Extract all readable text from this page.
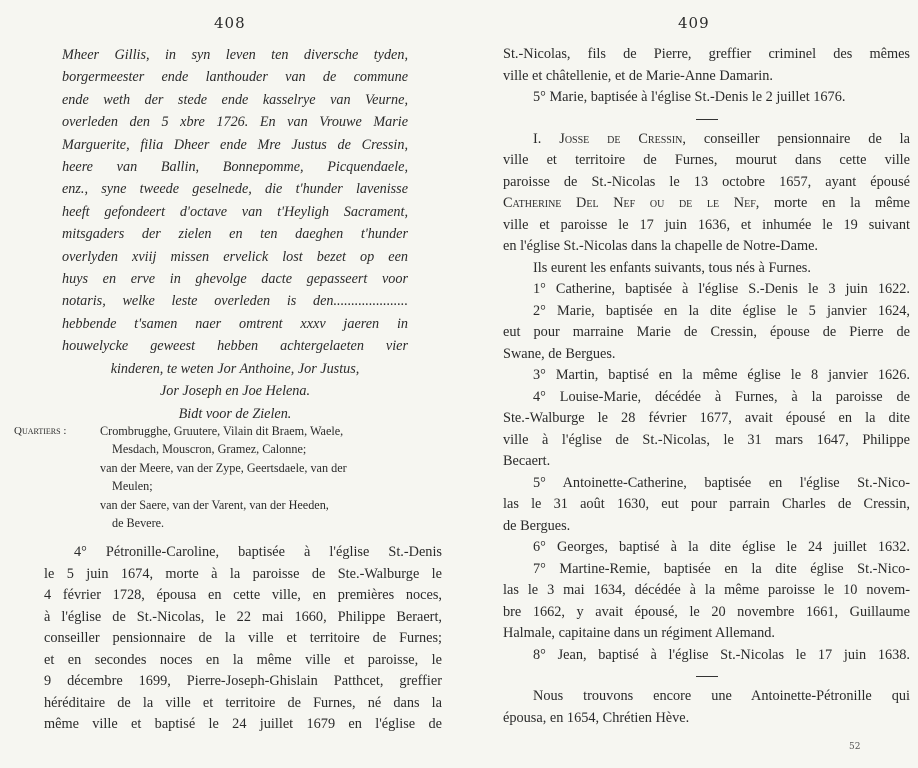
408
Mheer Gillis, in syn leven ten diversche tyden,
borgermeester ende lanthouder van de commune
ende weth der stede ende kasselrye van Veurne,
overleden den 5 xbre 1726. En van Vrouwe Marie
Marguerite, filia Dheer ende Mre Justus de Cressin,
heere van Ballin, Bonnepomme, Picquendaele,
enz., syne tweede geselnede, die t'hunder lavenisse
heeft gefondeert d'octave van t'Heyligh Sacrament,
mitsgaders der zielen en ten daeghen t'hunder
overlyden xviij missen ervelick lost bezet op een
huys en erve in ghevolge dacte gepasseert voor
notaris, welke leste overleden is den.....................
hebbende t'samen naer omtrent xxxv jaeren in
houwelycke geweest hebben achtergelaeten vier
kinderen, te weten Jor Anthoine, Jor Justus,
Jor Joseph en Joe Helena.
Bidt voor de Zielen.
Quartiers :	Crombrugghe, Gruutere, Vilain dit Braem, Waele,
Mesdach, Mouscron, Gramez, Calonne;
van der Meere, van der Zype, Geertsdaele, van der
Meulen;
van der Saere, van der Varent, van der Heeden,
de Bevere.
4° Pétronille-Caroline, baptisée à l'église St.-Denis
le 5 juin 1674, morte à la paroisse de Ste.-Walburge le
4 février 1728, épousa en cette ville, en premières noces,
à l'église de St.-Nicolas, le 22 mai 1660, Philippe Beraert,
conseiller pensionnaire de la ville et territoire de Furnes;
et en secondes noces en la même ville et paroisse, le
9 décembre 1699, Pierre-Joseph-Ghislain Patthcet, greffier
héréditaire de la ville et territoire de Furnes, né dans la
même ville et baptisé le 24 juillet 1679 en l'église de
409
St.-Nicolas, fils de Pierre, greffier criminel des mêmes
ville et châtellenie, et de Marie-Anne Damarin.
5° Marie, baptisée à l'église St.-Denis le 2 juillet 1676.
I. Josse de Cressin, conseiller pensionnaire de la
ville et territoire de Furnes, mourut dans cette ville
paroisse de St.-Nicolas le 13 octobre 1657, ayant épousé
Catherine Del Nef ou de le Nef, morte en la même
ville et paroisse le 17 juin 1636, et inhumée le 19 suivant
en l'église St.-Nicolas dans la chapelle de Notre-Dame.
Ils eurent les enfants suivants, tous nés à Furnes.
1° Catherine, baptisée à l'église S.-Denis le 3 juin 1622.
2° Marie, baptisée en la dite église le 5 janvier 1624,
eut pour marraine Marie de Cressin, épouse de Pierre de
Swane, de Bergues.
3° Martin, baptisé en la même église le 8 janvier 1626.
4° Louise-Marie, décédée à Furnes, à la paroisse de
Ste.-Walburge le 28 février 1677, avait épousé en la dite
ville à l'église de St.-Nicolas, le 31 mars 1647, Philippe
Becaert.
5° Antoinette-Catherine, baptisée en l'église St.-Nico-
las le 31 août 1630, eut pour parrain Charles de Cressin,
de Bergues.
6° Georges, baptisé à la dite église le 24 juillet 1632.
7° Martine-Remie, baptisée en la dite église St.-Nico-
las le 3 mai 1634, décédée à la même paroisse le 10 novem-
bre 1662, y avait épousé, le 20 novembre 1661, Guillaume
Halmale, capitaine dans un régiment Allemand.
8° Jean, baptisé à l'église St.-Nicolas le 17 juin 1638.
Nous trouvons encore une Antoinette-Pétronille qui
épousa, en 1654, Chrétien Hève.
52
